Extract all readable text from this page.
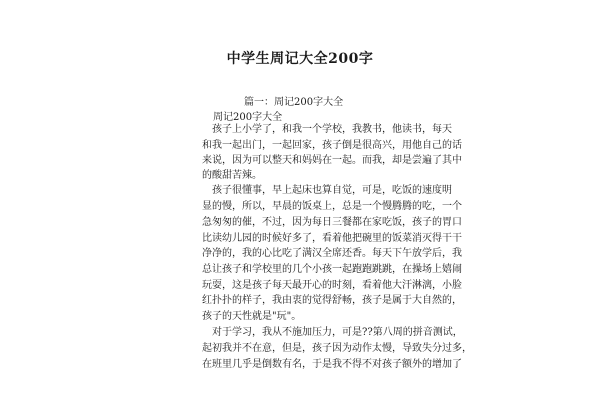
中学生周记大全200字

篇一：周记200字大全

周记200字大全

　孩子上小学了，和我一个学校，我教书，他读书，每天

和我一起出门，一起回家，孩子倒是很高兴，用他自己的话

来说，因为可以整天和妈妈在一起。而我，却是尝遍了其中

的酸甜苦辣。

　孩子很懂事，早上起床也算自觉，可是，吃饭的速度明

显的慢，所以，早晨的饭桌上，总是一个慢腾腾的吃，一个

急匆匆的催，不过，因为每日三餐都在家吃饭，孩子的胃口

比读幼儿园的时候好多了，看着他把碗里的饭菜消灭得干干

净净的，我的心比吃了满汉全席还香。每天下午放学后，我

总让孩子和学校里的几个小孩一起跑跑跳跳，在操场上嬉闹

玩耍，这是孩子每天最开心的时刻，看着他大汗淋漓，小脸

红扑扑的样子，我由衷的觉得舒畅，孩子是属于大自然的，

孩子的天性就是"玩"。

　对于学习，我从不施加压力，可是??第八周的拼音测试，

起初我并不在意，但是，孩子因为动作太慢，导致失分过多，

在班里几乎是倒数有名，于是我不得不对孩子额外的增加了
